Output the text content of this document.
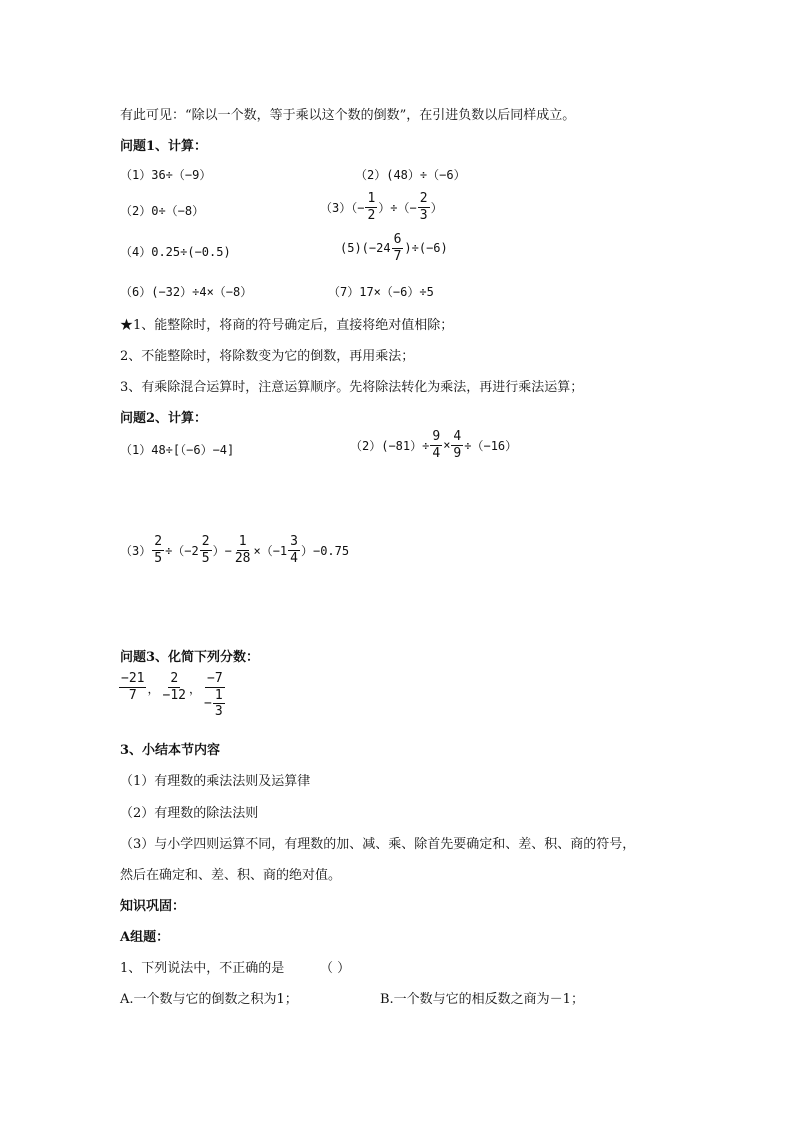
有此可见：“除以一个数，等于乘以这个数的倒数”，在引进负数以后同样成立。
问题1、计算：
（1）36÷（−9）	（2）(48）÷（−6）
（2）0÷（−8）	$(3)(- \frac{1}{2}$ ）÷（− $\frac{2}{3}$ ）
（4）0.25÷(−0.5)	$(5)(-24 \frac{6}{7} )\div(-6)$
（6）(−32）÷4×（−8）	（7）17×（−6）÷5
★1、能整除时，将商的符号确定后，直接将绝对值相除；
2、不能整除时，将除数变为它的倒数，再用乘法；
3、有乘除混合运算时，注意运算顺序。先将除法转化为乘法，再进行乘法运算；
问题2、计算：
（1）48÷[（−6）−4]	$(2)(-81)\div \frac{9}{4} \times \frac{4}{9} \div(-16)$
$(3) \frac{2}{5} \div(-2 \frac{2}{5}$ ）− $\frac{1}{28} \times(-1 \frac{3}{4} )-0.75$
问题3、化简下列分数：
$\frac{-21}{7}$ ， $\frac{2}{-12}$ ， $\frac{-7}{- \frac{1}{3}}$
3、小结本节内容
（1）有理数的乘法法则及运算律
（2）有理数的除法法则
（3）与小学四则运算不同，有理数的加、减、乘、除首先要确定和、差、积、商的符号，
然后在确定和、差、积、商的绝对值。
知识巩固：
A组题：
1、下列说法中，不正确的是	（ ）
A.一个数与它的倒数之积为1；	B.一个数与它的相反数之商为－1；
